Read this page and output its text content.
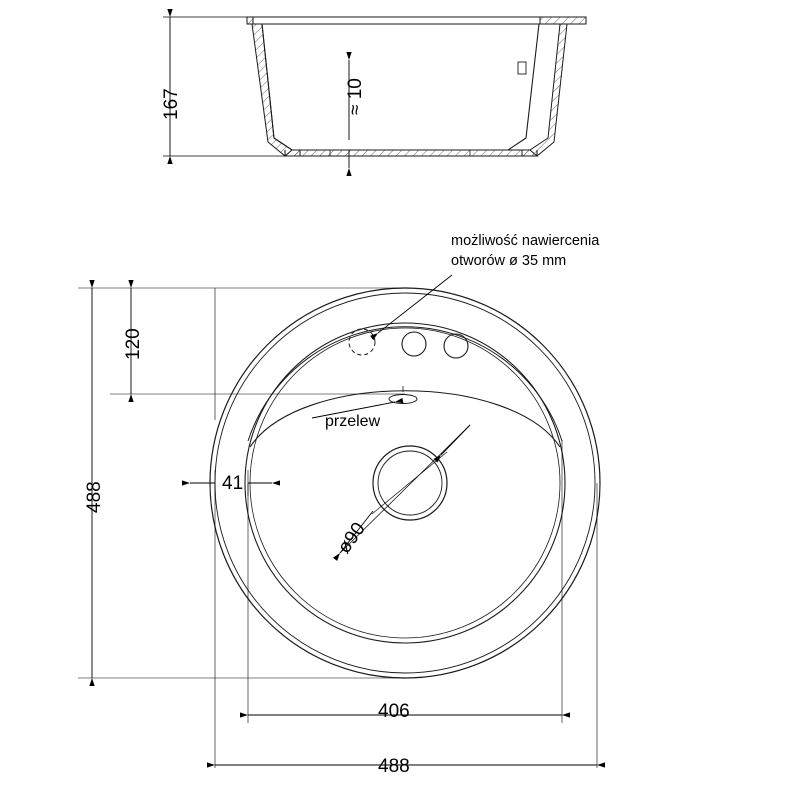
167	≈ 10
120
488	41
ø90
406
488
przelew
możliwość nawiercenia
otworów ø 35 mm
